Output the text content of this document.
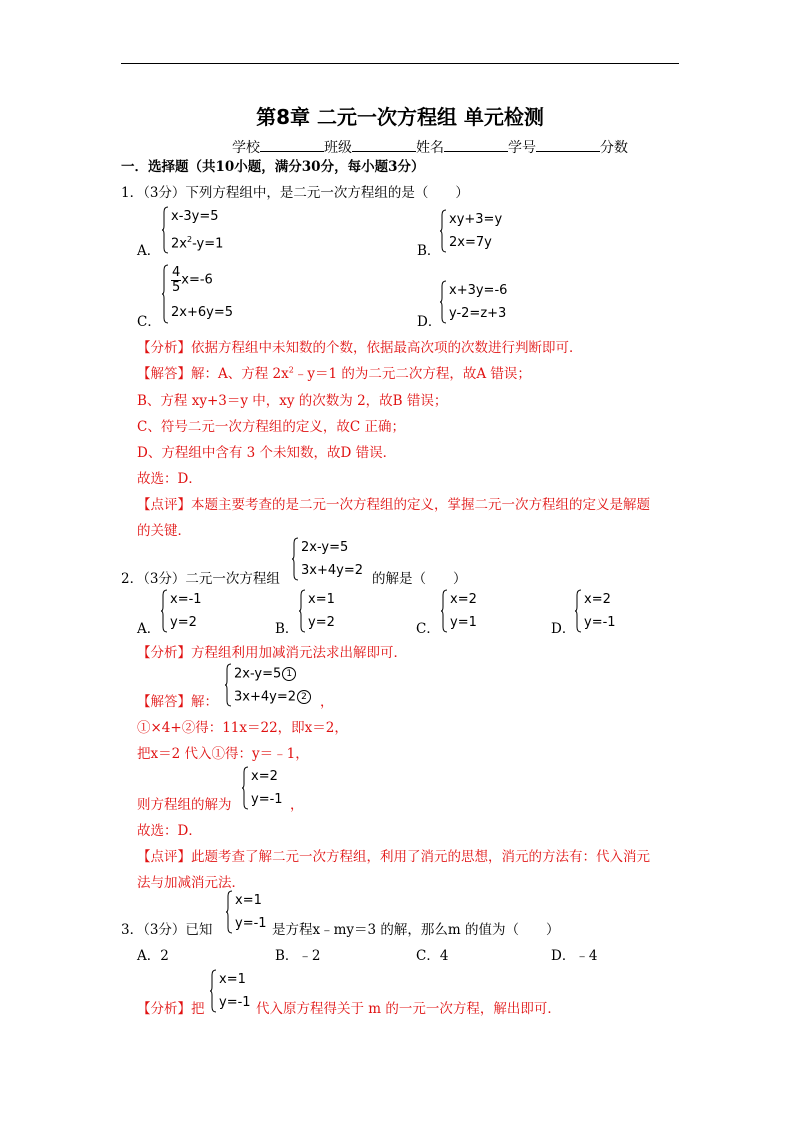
第8章 二元一次方程组 单元检测
学校	班级	姓名	学号	分数
一．选择题（共10小题，满分30分，每小题3分）
1．（3分）下列方程组中，是二元一次方程组的是（　　）
A．
x-3y=5
$2x^2-y=1$	B．
xy+3=y
2x=7y
C．
$\frac{4}{5} x=-6$
2x+6y=5
D．
x+3y=-6
y-2=z+3
【分析】依据方程组中未知数的个数，依据最高次项的次数进行判断即可．
【解答】解：A、方程 $2x^2﹣y=1$ 的为二元二次方程，故A 错误；
B、方程 xy+3＝y 中，xy 的次数为 2，故B 错误；
C、符号二元一次方程组的定义，故C 正确；
D、方程组中含有 3 个未知数，故D 错误．
故选：D．
【点评】本题主要考查的是二元一次方程组的定义，掌握二元一次方程组的定义是解题
的关键．
2．（3分）二元一次方程组
2x-y=5
3x+4y=2
的解是（　　）
A．
x=-1
y=2	B．
x=1
y=2	C．
x=2
y=1	D．
x=2
y=-1
【分析】方程组利用加减消元法求出解即可．
【解答】解：
2x-y=5 1
3x+4y=2 2 ，
①×4+②得：11x＝22，即x＝2，
把x＝2 代入①得：y＝﹣1，
则方程组的解为
x=2
y=-1 ，
故选：D．
【点评】此题考查了解二元一次方程组，利用了消元的思想，消元的方法有：代入消元
法与加减消元法．
3．（3分）已知
x=1
y=-1 是方程x﹣my＝3 的解，那么m 的值为（　　）
A．2	B．﹣2	C．4	D．﹣4
【分析】把
x=1
y=-1 代入原方程得关于 m 的一元一次方程，解出即可．
